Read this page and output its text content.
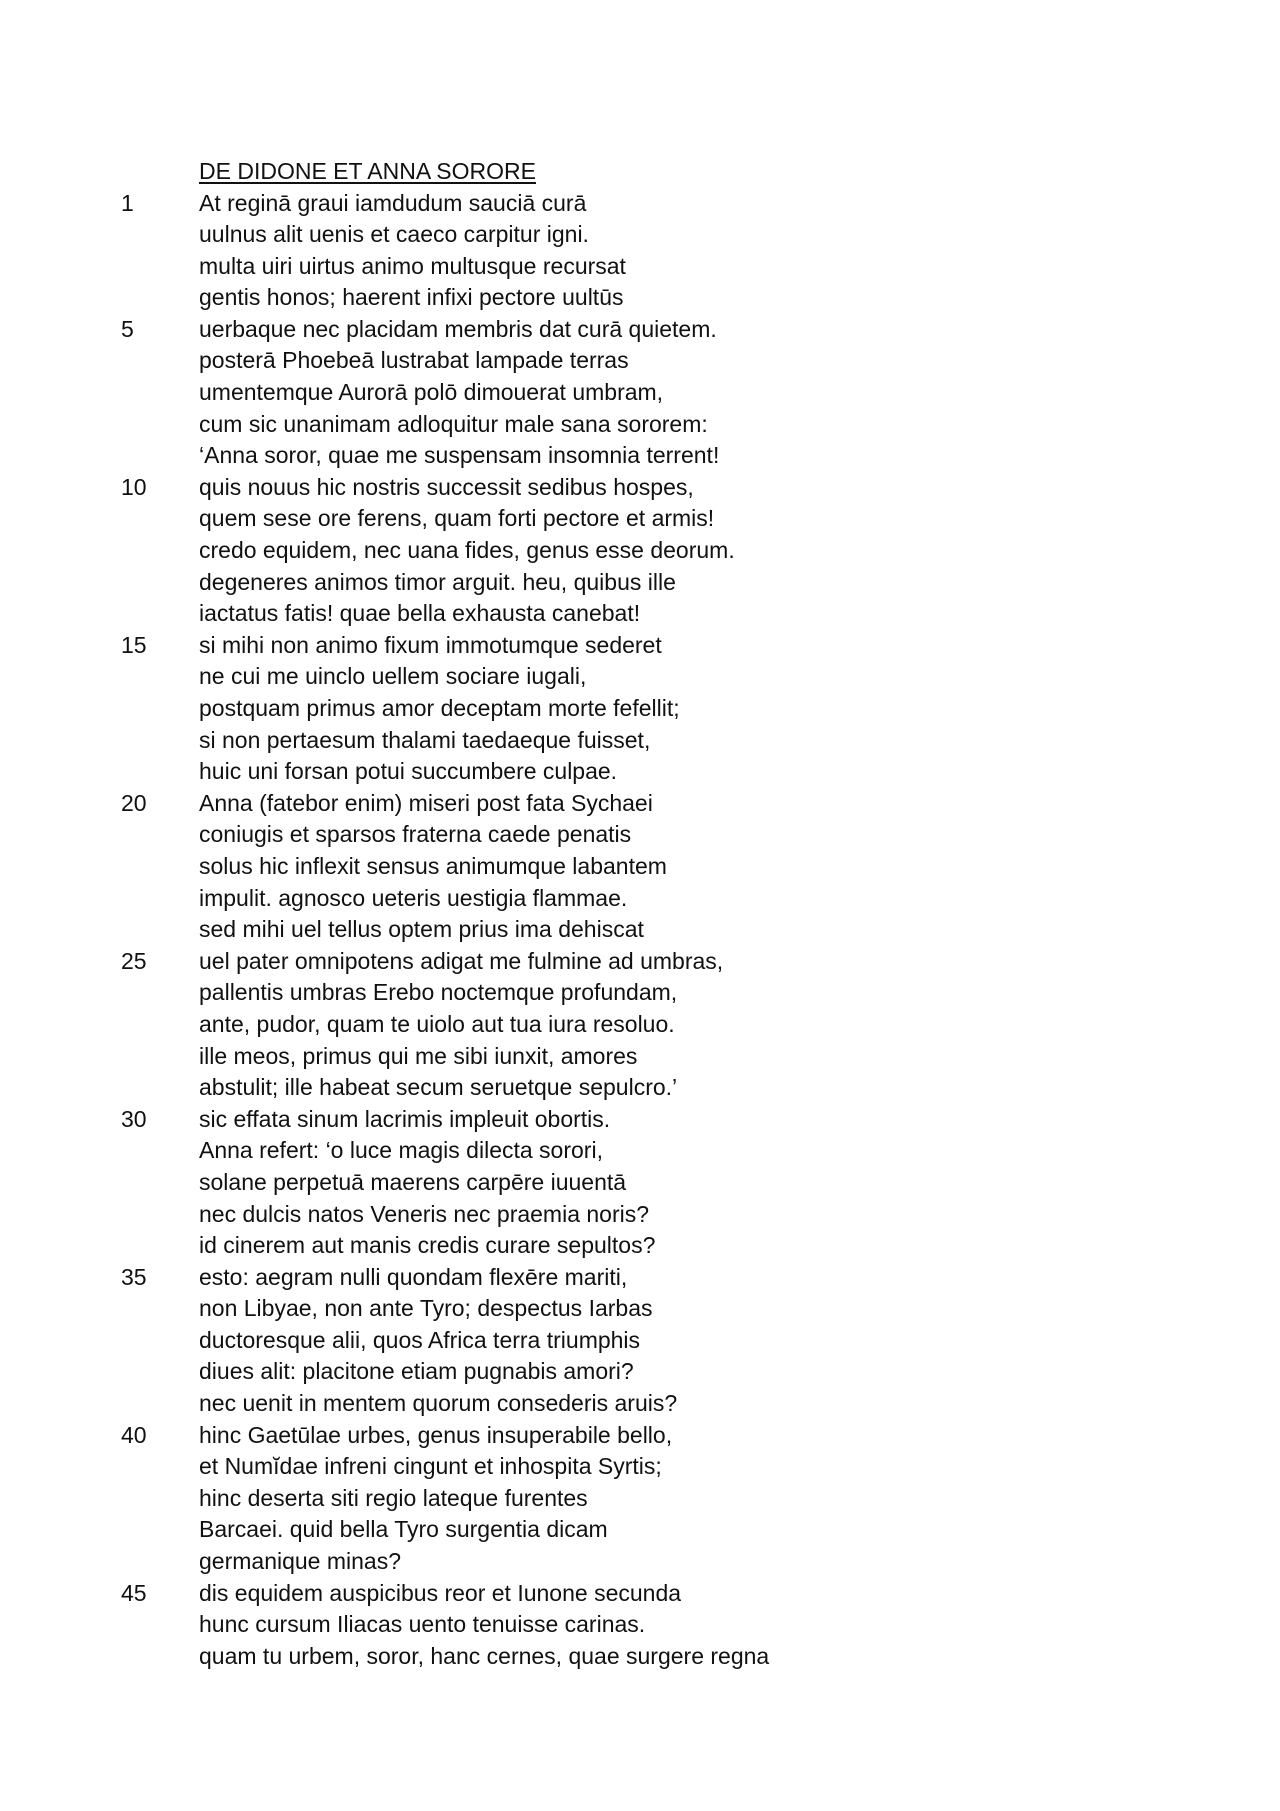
DE DIDONE ET ANNA SORORE
1	At reginā graui iamdudum sauciā curā
uulnus alit uenis et caeco carpitur igni.
multa uiri uirtus animo multusque recursat
gentis honos; haerent infixi pectore uultūs
5	uerbaque nec placidam membris dat curā quietem.
posterā Phoebeā lustrabat lampade terras
umentemque Aurorā polō dimouerat umbram,
cum sic unanimam adloquitur male sana sororem:
‘Anna soror, quae me suspensam insomnia terrent!
10	quis nouus hic nostris successit sedibus hospes,
quem sese ore ferens, quam forti pectore et armis!
credo equidem, nec uana fides, genus esse deorum.
degeneres animos timor arguit. heu, quibus ille
iactatus fatis! quae bella exhausta canebat!
15	si mihi non animo fixum immotumque sederet
ne cui me uinclo uellem sociare iugali,
postquam primus amor deceptam morte fefellit;
si non pertaesum thalami taedaeque fuisset,
huic uni forsan potui succumbere culpae.
20	Anna (fatebor enim) miseri post fata Sychaei
coniugis et sparsos fraterna caede penatis
solus hic inflexit sensus animumque labantem
impulit. agnosco ueteris uestigia flammae.
sed mihi uel tellus optem prius ima dehiscat
25	uel pater omnipotens adigat me fulmine ad umbras,
pallentis umbras Erebo noctemque profundam,
ante, pudor, quam te uiolo aut tua iura resoluo.
ille meos, primus qui me sibi iunxit, amores
abstulit; ille habeat secum seruetque sepulcro.’
30	sic effata sinum lacrimis impleuit obortis.
Anna refert: ‘o luce magis dilecta sorori,
solane perpetuā maerens carpēre iuuentā
nec dulcis natos Veneris nec praemia noris?
id cinerem aut manis credis curare sepultos?
35	esto: aegram nulli quondam flexēre mariti,
non Libyae, non ante Tyro; despectus Iarbas
ductoresque alii, quos Africa terra triumphis
diues alit: placitone etiam pugnabis amori?
nec uenit in mentem quorum consederis aruis?
40	hinc Gaetūlae urbes, genus insuperabile bello,
et Numĭdae infreni cingunt et inhospita Syrtis;
hinc deserta siti regio lateque furentes
Barcaei. quid bella Tyro surgentia dicam
germanique minas?
45	dis equidem auspicibus reor et Iunone secunda
hunc cursum Iliacas uento tenuisse carinas.
quam tu urbem, soror, hanc cernes, quae surgere regna
